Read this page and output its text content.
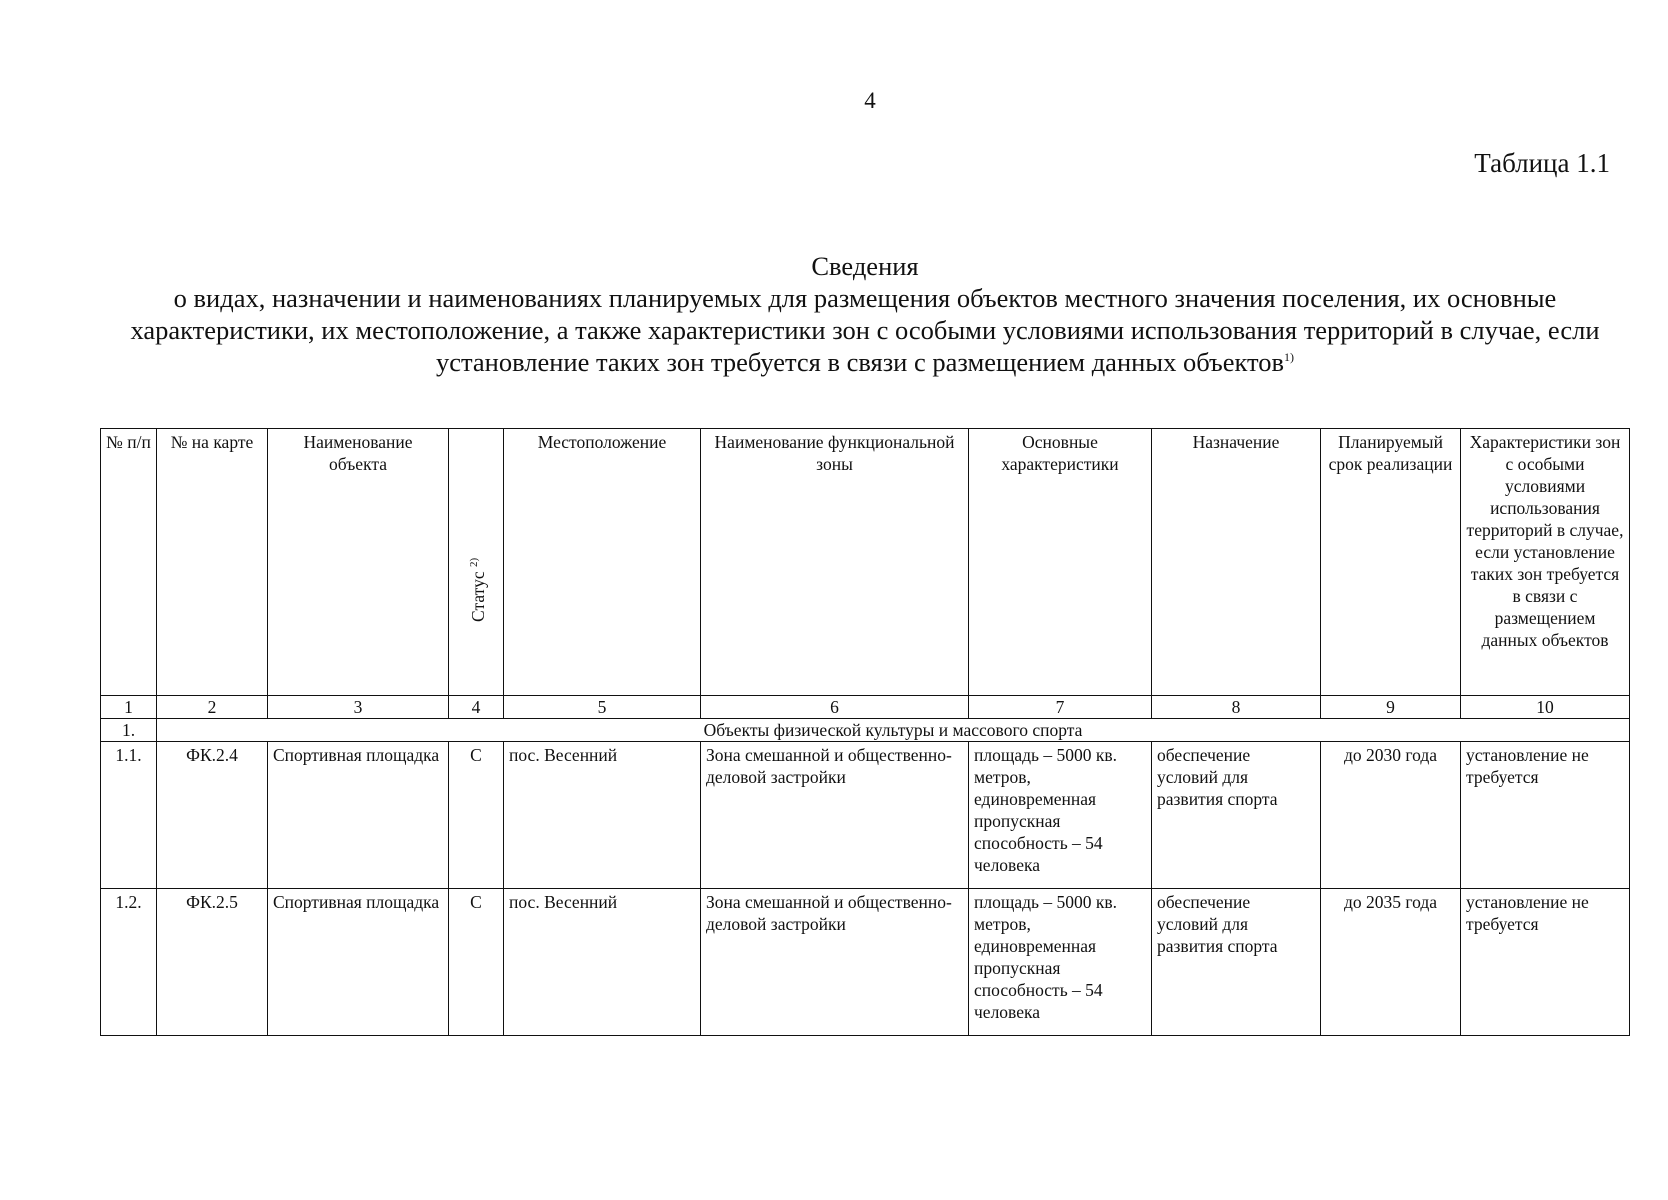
4
Таблица 1.1
Сведения
о видах, назначении и наименованиях планируемых для размещения объектов местного значения поселения, их основные характеристики, их местоположение, а также характеристики зон с особыми условиями использования территорий в случае, если установление таких зон требуется в связи с размещением данных объектов$^{1)}$
№ п/п	№ на карте	Наименование объекта	Статус $^{2)}$	Местоположение	Наименование функциональной зоны	Основные характеристики	Назначение	Планируемый срок реализации	Характеристики зон с особыми условиями использования территорий в случае, если установление таких зон требуется в связи с размещением данных объектов
1	2	3	4	5	6	7	8	9	10
1.	Объекты физической культуры и массового спорта								
1.1.	ФК.2.4	Спортивная площадка	С	пос. Весенний	Зона смешанной и общественно-деловой застройки	площадь – 5000 кв. метров, единовременная пропускная способность – 54 человека	обеспечение условий для развития спорта	до 2030 года	установление не требуется
1.2.	ФК.2.5	Спортивная площадка	С	пос. Весенний	Зона смешанной и общественно-деловой застройки	площадь – 5000 кв. метров, единовременная пропускная способность – 54 человека	обеспечение условий для развития спорта	до 2035 года	установление не требуется
